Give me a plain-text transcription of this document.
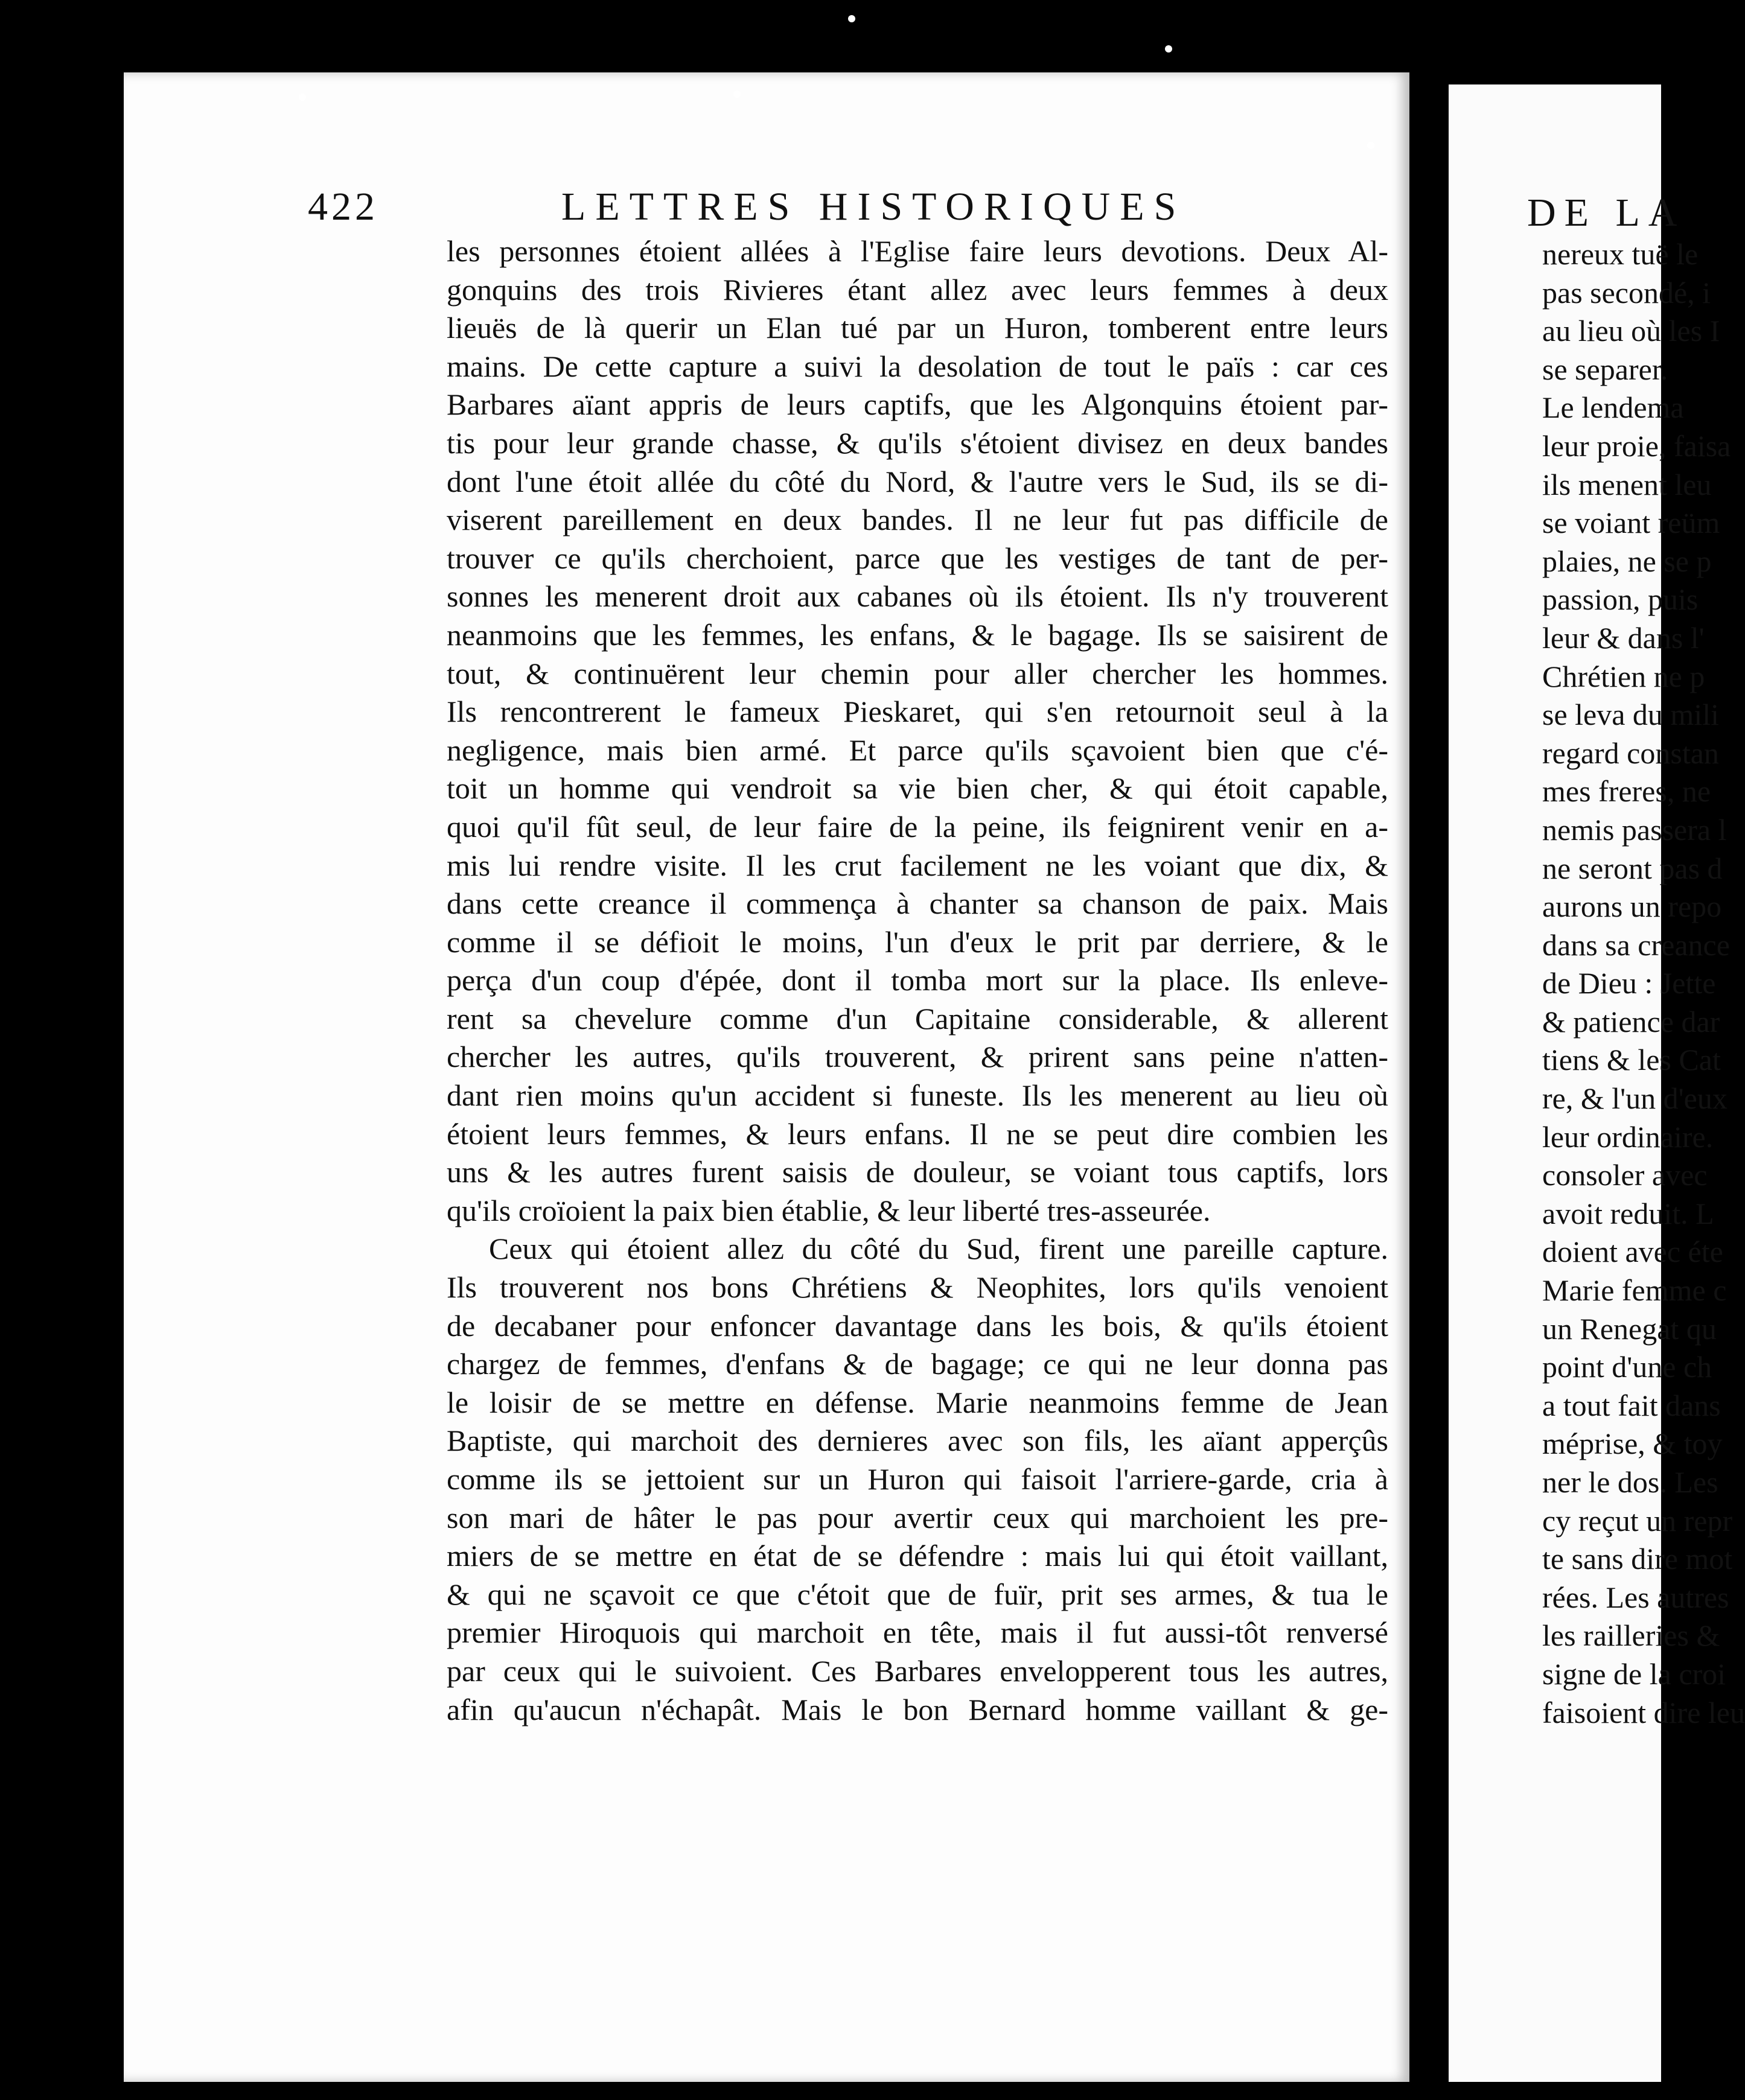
422	LETTRES HISTORIQUES
les personnes étoient allées à l'Eglise faire leurs devotions. Deux Al-
gonquins des trois Rivieres étant allez avec leurs femmes à deux
lieuës de là querir un Elan tué par un Huron, tomberent entre leurs
mains. De cette capture a suivi la desolation de tout le païs : car ces
Barbares aïant appris de leurs captifs, que les Algonquins étoient par-
tis pour leur grande chasse, & qu'ils s'étoient divisez en deux bandes
dont l'une étoit allée du côté du Nord, & l'autre vers le Sud, ils se di-
viserent pareillement en deux bandes. Il ne leur fut pas difficile de
trouver ce qu'ils cherchoient, parce que les vestiges de tant de per-
sonnes les menerent droit aux cabanes où ils étoient. Ils n'y trouverent
neanmoins que les femmes, les enfans, & le bagage. Ils se saisirent de
tout, & continuërent leur chemin pour aller chercher les hommes.
Ils rencontrerent le fameux Pieskaret, qui s'en retournoit seul à la
negligence, mais bien armé. Et parce qu'ils sçavoient bien que c'é-
toit un homme qui vendroit sa vie bien cher, & qui étoit capable,
quoi qu'il fût seul, de leur faire de la peine, ils feignirent venir en a-
mis lui rendre visite. Il les crut facilement ne les voiant que dix, &
dans cette creance il commença à chanter sa chanson de paix. Mais
comme il se défioit le moins, l'un d'eux le prit par derriere, & le
perça d'un coup d'épée, dont il tomba mort sur la place. Ils enleve-
rent sa chevelure comme d'un Capitaine considerable, & allerent
chercher les autres, qu'ils trouverent, & prirent sans peine n'atten-
dant rien moins qu'un accident si funeste. Ils les menerent au lieu où
étoient leurs femmes, & leurs enfans. Il ne se peut dire combien les
uns & les autres furent saisis de douleur, se voiant tous captifs, lors
qu'ils croïoient la paix bien établie, & leur liberté tres-asseurée.
Ceux qui étoient allez du côté du Sud, firent une pareille capture.
Ils trouverent nos bons Chrétiens & Neophites, lors qu'ils venoient
de decabaner pour enfoncer davantage dans les bois, & qu'ils étoient
chargez de femmes, d'enfans & de bagage; ce qui ne leur donna pas
le loisir de se mettre en défense. Marie neanmoins femme de Jean
Baptiste, qui marchoit des dernieres avec son fils, les aïant apperçûs
comme ils se jettoient sur un Huron qui faisoit l'arriere-garde, cria à
son mari de hâter le pas pour avertir ceux qui marchoient les pre-
miers de se mettre en état de se défendre : mais lui qui étoit vaillant,
& qui ne sçavoit ce que c'étoit que de fuïr, prit ses armes, & tua le
premier Hiroquois qui marchoit en tête, mais il fut aussi-tôt renversé
par ceux qui le suivoient. Ces Barbares envelopperent tous les autres,
afin qu'aucun n'échapât. Mais le bon Bernard homme vaillant & ge-
DE LA
nereux tuë le
pas secondé, i
au lieu où les I
se separer.
Le lendema
leur proie, faisa
ils menent leu
se voiant reüm
plaies, ne se p
passion, puis
leur & dans l'
Chrétien ne p
se leva du mili
regard constan
mes freres, ne
nemis passera l
ne seront pas d
aurons un repo
dans sa creance
de Dieu : Jette
& patience dar
tiens & les Cat
re, & l'un d'eux
leur ordinaire.
consoler avec
avoit reduit. L
doient avec éte
Marie femme c
un Renegat qu
point d'une ch
a tout fait dans
méprise, & toy
ner le dos. Les
cy reçut un repr
te sans dire mot
rées. Les autres
les railleries &
signe de la croi
faisoient dire leu
